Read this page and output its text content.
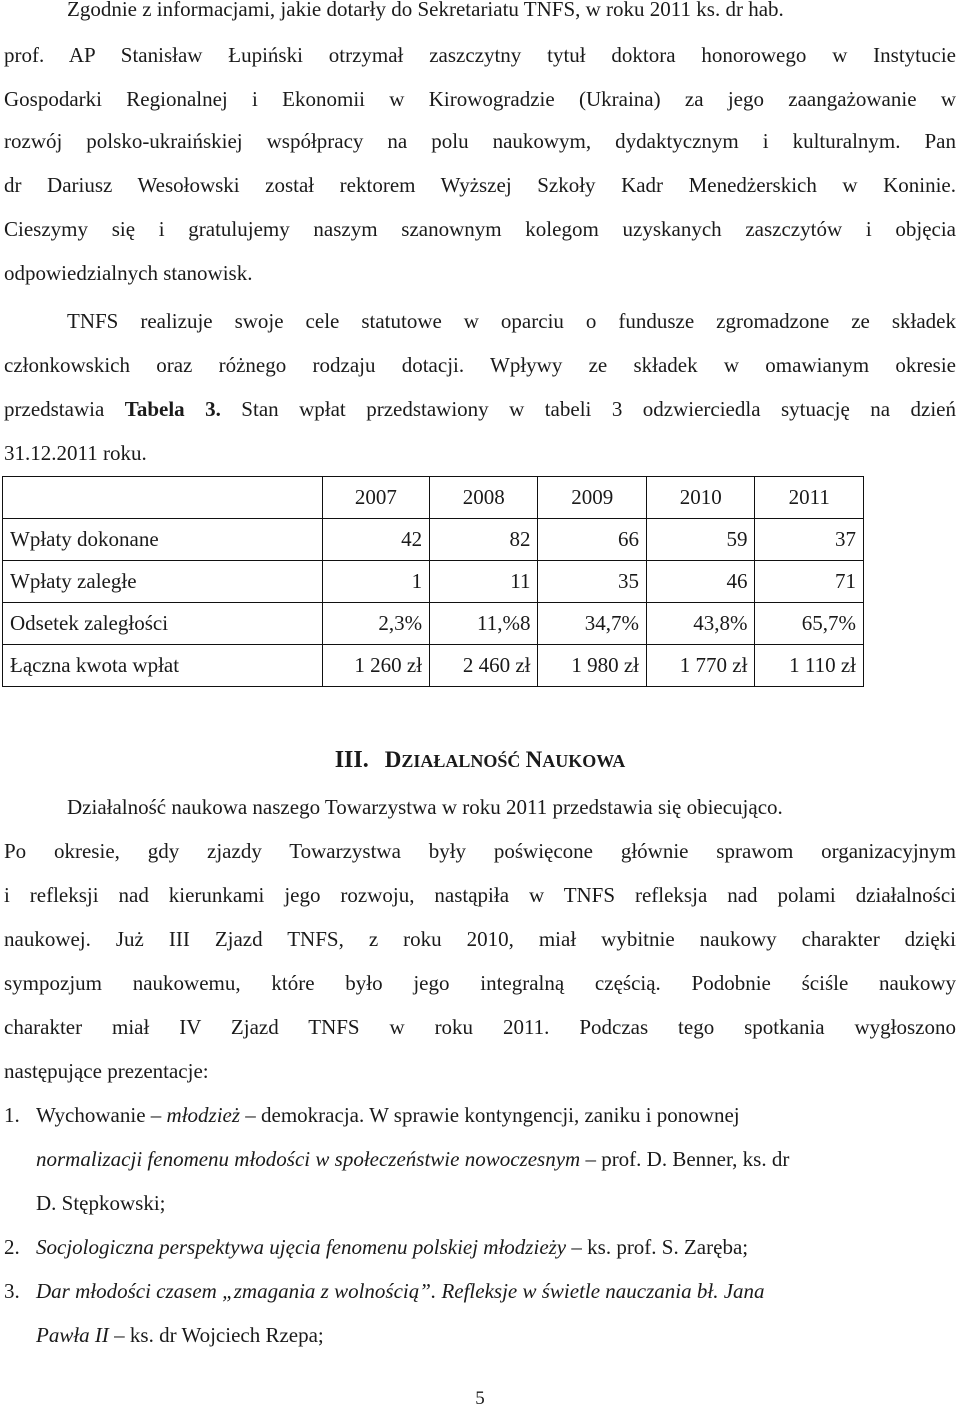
Zgodnie z informacjami, jakie dotarły do Sekretariatu TNFS, w roku 2011 ks. dr hab.
prof. AP Stanisław Łupiński otrzymał zaszczytny tytuł doktora honorowego w Instytucie
Gospodarki Regionalnej i Ekonomii w Kirowogradzie (Ukraina) za jego zaangażowanie w
rozwój polsko-ukraińskiej współpracy na polu naukowym, dydaktycznym i kulturalnym. Pan
dr Dariusz Wesołowski został rektorem Wyższej Szkoły Kadr Menedżerskich w Koninie.
Cieszymy się i gratulujemy naszym szanownym kolegom uzyskanych zaszczytów i objęcia
odpowiedzialnych stanowisk.
TNFS realizuje swoje cele statutowe w oparciu o fundusze zgromadzone ze składek
członkowskich oraz różnego rodzaju dotacji. Wpływy ze składek w omawianym okresie
przedstawia Tabela 3. Stan wpłat przedstawiony w tabeli 3 odzwierciedla sytuację na dzień
31.12.2011 roku.
	2007	2008	2009	2010	2011
Wpłaty dokonane	42	82	66	59	37
Wpłaty zaległe	1	11	35	46	71
Odsetek zaległości	2,3%	11,%8	34,7%	43,8%	65,7%
Łączna kwota wpłat	1 260 zł	2 460 zł	1 980 zł	1 770 zł	1 110 zł
III. DZIAŁALNOŚĆ NAUKOWA
Działalność naukowa naszego Towarzystwa w roku 2011 przedstawia się obiecująco.
Po okresie, gdy zjazdy Towarzystwa były poświęcone głównie sprawom organizacyjnym
i refleksji nad kierunkami jego rozwoju, nastąpiła w TNFS refleksja nad polami działalności
naukowej. Już III Zjazd TNFS, z roku 2010, miał wybitnie naukowy charakter dzięki
sympozjum naukowemu, które było jego integralną częścią. Podobnie ściśle naukowy
charakter miał IV Zjazd TNFS w roku 2011. Podczas tego spotkania wygłoszono
następujące prezentacje:
1. Wychowanie – młodzież – demokracja. W sprawie kontyngencji, zaniku i ponownej
normalizacji fenomenu młodości w społeczeństwie nowoczesnym – prof. D. Benner, ks. dr
D. Stępkowski;
2. Socjologiczna perspektywa ujęcia fenomenu polskiej młodzieży – ks. prof. S. Zaręba;
3. Dar młodości czasem „zmagania z wolnością”. Refleksje w świetle nauczania bł. Jana
Pawła II – ks. dr Wojciech Rzepa;
5
